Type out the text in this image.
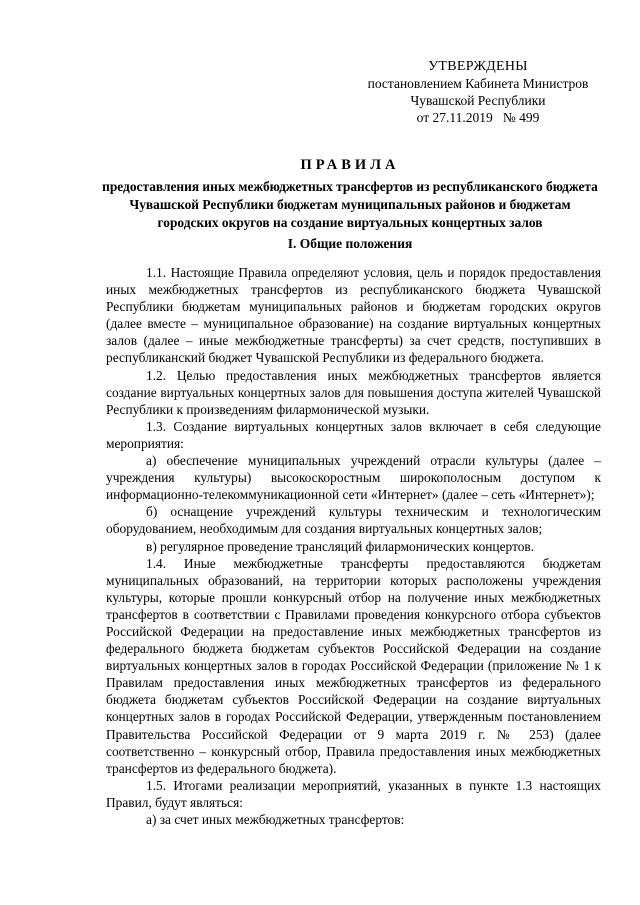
УТВЕРЖДЕНЫ
постановлением Кабинета Министров
Чувашской Республики
от 27.11.2019   № 499
ПРАВИЛА
предоставления иных межбюджетных трансфертов из республиканского бюджета Чувашской Республики бюджетам муниципальных районов и бюджетам городских округов на создание виртуальных концертных залов
I. Общие положения

1.1. Настоящие Правила определяют условия, цель и порядок предоставления иных межбюджетных трансфертов из республиканского бюджета Чувашской Республики бюджетам муниципальных районов и бюджетам городских округов (далее вместе – муниципальное образование) на создание виртуальных концертных залов (далее – иные межбюджетные трансферты) за счет средств, поступивших в республиканский бюджет Чувашской Республики из федерального бюджета.

1.2. Целью предоставления иных межбюджетных трансфертов является создание виртуальных концертных залов для повышения доступа жителей Чувашской Республики к произведениям филармонической музыки.

1.3. Создание виртуальных концертных залов включает в себя следующие мероприятия:

а) обеспечение муниципальных учреждений отрасли культуры (далее – учреждения культуры) высокоскоростным широкополосным доступом к информационно-телекоммуникационной сети «Интернет» (далее – сеть «Интернет»);

б) оснащение учреждений культуры техническим и технологическим оборудованием, необходимым для создания виртуальных концертных залов;

в) регулярное проведение трансляций филармонических концертов.

1.4. Иные межбюджетные трансферты предоставляются бюджетам муниципальных образований, на территории которых расположены учреждения культуры, которые прошли конкурсный отбор на получение иных межбюджетных трансфертов в соответствии с Правилами проведения конкурсного отбора субъектов Российской Федерации на предоставление иных межбюджетных трансфертов из федерального бюджета бюджетам субъектов Российской Федерации на создание виртуальных концертных залов в городах Российской Федерации (приложение № 1 к Правилам предоставления иных межбюджетных трансфертов из федерального бюджета бюджетам субъектов Российской Федерации на создание виртуальных концертных залов в городах Российской Федерации, утвержденным постановлением Правительства Российской Федерации от 9 марта 2019 г. № 253) (далее соответственно – конкурсный отбор, Правила предоставления иных межбюджетных трансфертов из федерального бюджета).

1.5. Итогами реализации мероприятий, указанных в пункте 1.3 настоящих Правил, будут являться:

а) за счет иных межбюджетных трансфертов:
